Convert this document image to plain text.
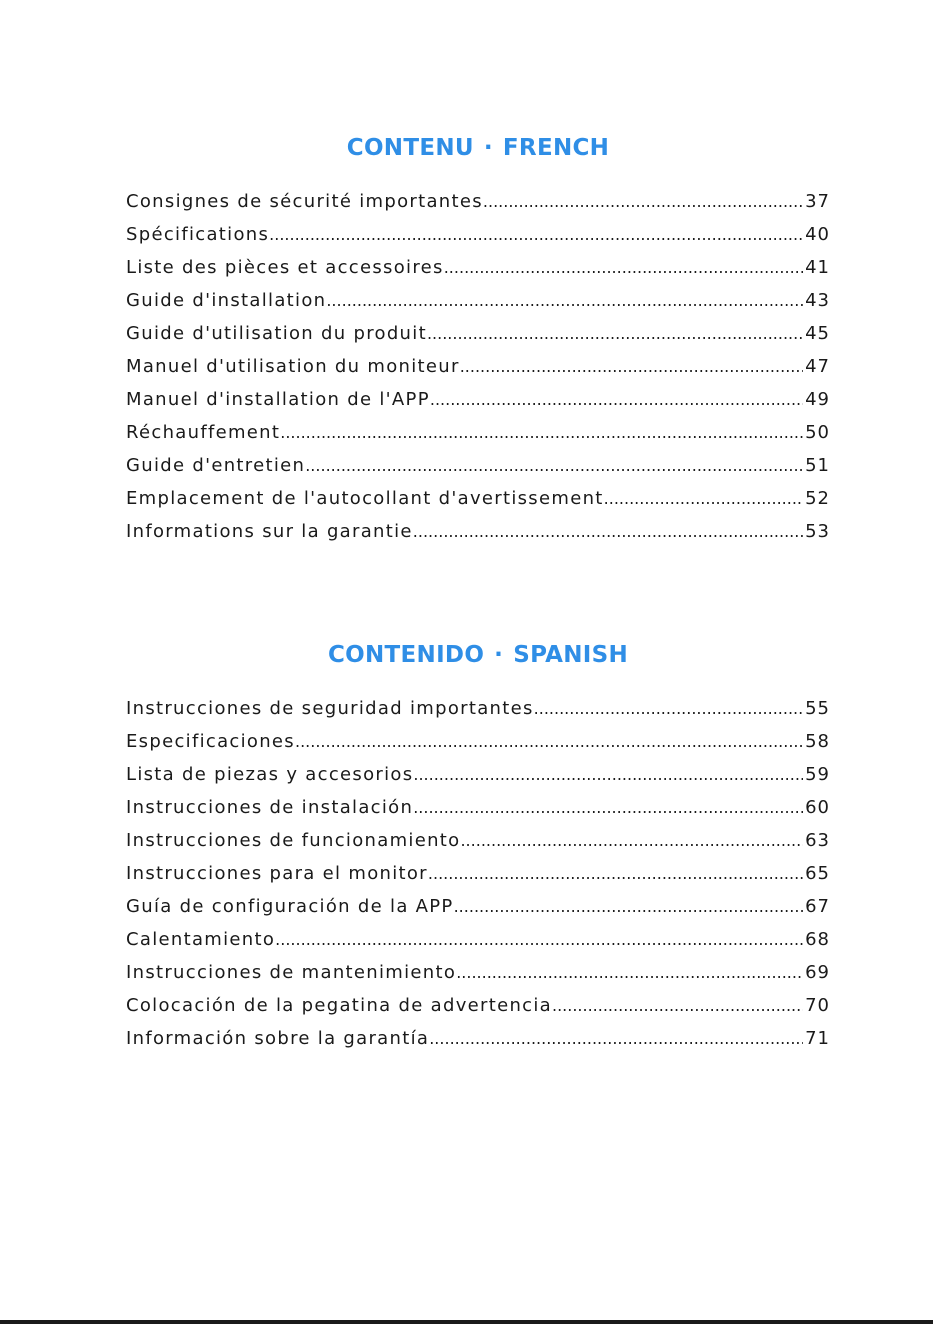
CONTENU · FRENCH
Consignes de sécurité importantes .....	37
Spécifications .....	40
Liste des pièces et accessoires .....	41
Guide d'installation .....	43
Guide d'utilisation du produit .....	45
Manuel d'utilisation du moniteur .....	47
Manuel d'installation de l'APP .....	49
Réchauffement .....	50
Guide d'entretien .....	51
Emplacement de l'autocollant d'avertissement .....	52
Informations sur la garantie .....	53
CONTENIDO · SPANISH
Instrucciones de seguridad importantes .....	55
Especificaciones .....	58
Lista de piezas y accesorios .....	59
Instrucciones de instalación .....	60
Instrucciones de funcionamiento .....	63
Instrucciones para el monitor .....	65
Guía de configuración de la APP .....	67
Calentamiento .....	68
Instrucciones de mantenimiento .....	69
Colocación de la pegatina de advertencia .....	70
Información sobre la garantía .....	71
